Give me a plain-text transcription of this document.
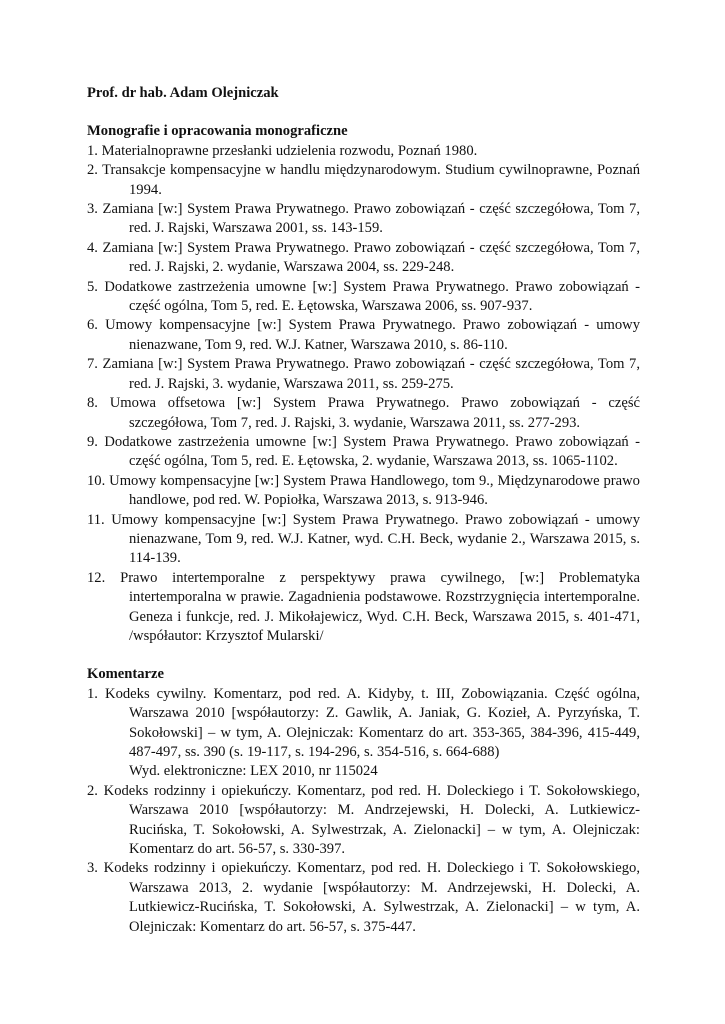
Prof. dr hab. Adam Olejniczak

Monografie i opracowania monograficzne

1. Materialnoprawne przesłanki udzielenia rozwodu, Poznań 1980.
2. Transakcje kompensacyjne w handlu międzynarodowym. Studium cywilnoprawne, Poznań 1994.
3. Zamiana [w:] System Prawa Prywatnego. Prawo zobowiązań - część szczegółowa, Tom 7, red. J. Rajski, Warszawa 2001, ss. 143-159.
4. Zamiana [w:] System Prawa Prywatnego. Prawo zobowiązań - część szczegółowa, Tom 7, red. J. Rajski, 2. wydanie, Warszawa 2004, ss. 229-248.
5. Dodatkowe zastrzeżenia umowne [w:] System Prawa Prywatnego. Prawo zobowiązań - część ogólna, Tom 5, red. E. Łętowska, Warszawa 2006, ss. 907-937.
6. Umowy kompensacyjne [w:] System Prawa Prywatnego. Prawo zobowiązań - umowy nienazwane, Tom 9, red. W.J. Katner, Warszawa 2010, s. 86-110.
7. Zamiana [w:] System Prawa Prywatnego. Prawo zobowiązań - część szczegółowa, Tom 7, red. J. Rajski, 3. wydanie, Warszawa 2011, ss. 259-275.
8. Umowa offsetowa [w:] System Prawa Prywatnego. Prawo zobowiązań - część szczegółowa, Tom 7, red. J. Rajski, 3. wydanie, Warszawa 2011, ss. 277-293.
9. Dodatkowe zastrzeżenia umowne [w:] System Prawa Prywatnego. Prawo zobowiązań - część ogólna, Tom 5, red. E. Łętowska, 2. wydanie, Warszawa 2013, ss. 1065-1102.
10. Umowy kompensacyjne [w:] System Prawa Handlowego, tom 9., Międzynarodowe prawo handlowe, pod red. W. Popiołka, Warszawa 2013, s. 913-946.
11. Umowy kompensacyjne [w:] System Prawa Prywatnego. Prawo zobowiązań - umowy nienazwane, Tom 9, red. W.J. Katner, wyd. C.H. Beck, wydanie 2., Warszawa 2015, s. 114-139.
12. Prawo intertemporalne z perspektywy prawa cywilnego, [w:] Problematyka intertemporalna w prawie. Zagadnienia podstawowe. Rozstrzygnięcia intertemporalne. Geneza i funkcje, red. J. Mikołajewicz, Wyd. C.H. Beck, Warszawa 2015, s. 401-471, /współautor: Krzysztof Mularski/

Komentarze

1. Kodeks cywilny. Komentarz, pod red. A. Kidyby, t. III, Zobowiązania. Część ogólna, Warszawa 2010 [współautorzy: Z. Gawlik, A. Janiak, G. Kozieł, A. Pyrzyńska, T. Sokołowski] – w tym, A. Olejniczak: Komentarz do art. 353-365, 384-396, 415-449, 487-497, ss. 390 (s. 19-117, s. 194-296, s. 354-516, s. 664-688)
Wyd. elektroniczne: LEX 2010, nr 115024
2. Kodeks rodzinny i opiekuńczy. Komentarz, pod red. H. Doleckiego i T. Sokołowskiego, Warszawa 2010 [współautorzy: M. Andrzejewski, H. Dolecki, A. Lutkiewicz-Rucińska, T. Sokołowski, A. Sylwestrzak, A. Zielonacki] – w tym, A. Olejniczak: Komentarz do art. 56-57, s. 330-397.
3. Kodeks rodzinny i opiekuńczy. Komentarz, pod red. H. Doleckiego i T. Sokołowskiego, Warszawa 2013, 2. wydanie [współautorzy: M. Andrzejewski, H. Dolecki, A. Lutkiewicz-Rucińska, T. Sokołowski, A. Sylwestrzak, A. Zielonacki] – w tym, A. Olejniczak: Komentarz do art. 56-57, s. 375-447.
